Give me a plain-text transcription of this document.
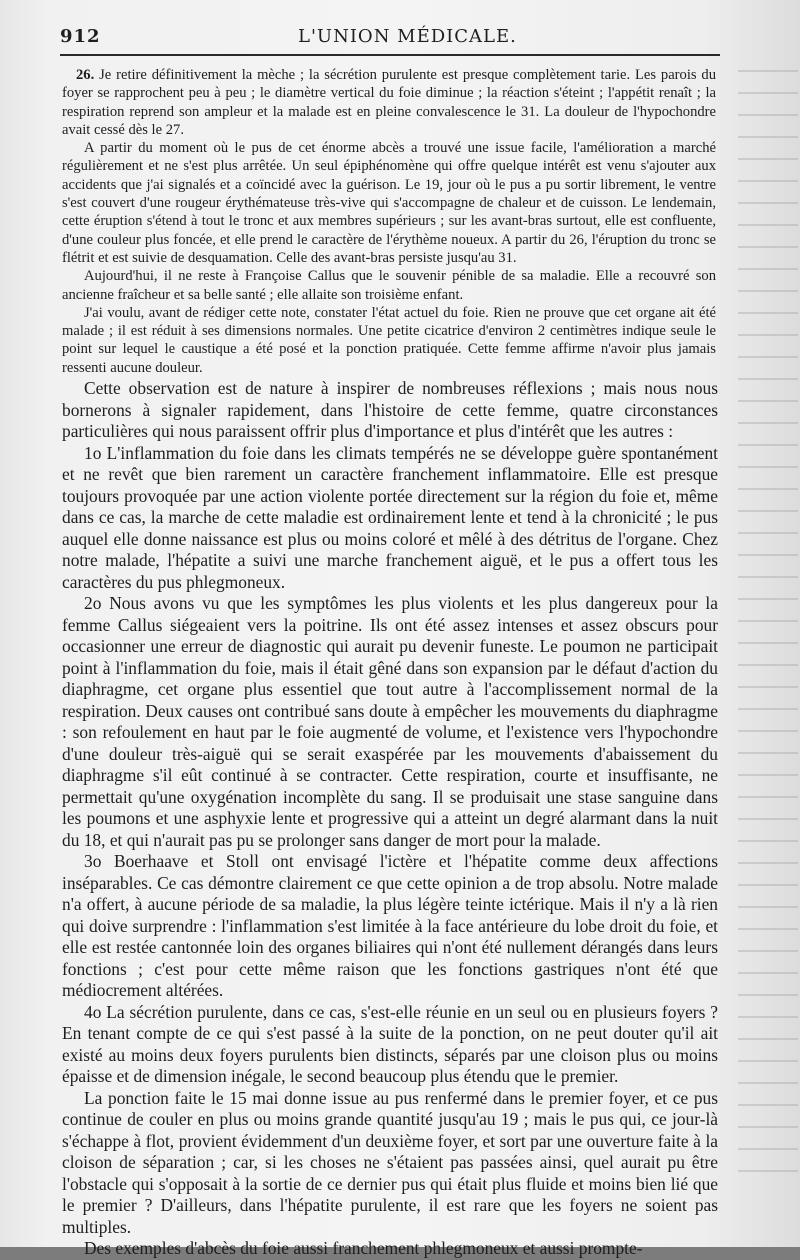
912	L'UNION MÉDICALE.

26. Je retire définitivement la mèche ; la sécrétion purulente est presque complètement tarie. Les parois du foyer se rapprochent peu à peu ; le diamètre vertical du foie diminue ; la réaction s'éteint ; l'appétit renaît ; la respiration reprend son ampleur et la malade est en pleine convalescence le 31. La douleur de l'hypochondre avait cessé dès le 27.

A partir du moment où le pus de cet énorme abcès a trouvé une issue facile, l'amélioration a marché régulièrement et ne s'est plus arrêtée. Un seul épiphénomène qui offre quelque intérêt est venu s'ajouter aux accidents que j'ai signalés et a coïncidé avec la guérison. Le 19, jour où le pus a pu sortir librement, le ventre s'est couvert d'une rougeur érythémateuse très-vive qui s'accompagne de chaleur et de cuisson. Le lendemain, cette éruption s'étend à tout le tronc et aux membres supérieurs ; sur les avant-bras surtout, elle est confluente, d'une couleur plus foncée, et elle prend le caractère de l'érythème noueux. A partir du 26, l'éruption du tronc se flétrit et est suivie de desquamation. Celle des avant-bras persiste jusqu'au 31.

Aujourd'hui, il ne reste à Françoise Callus que le souvenir pénible de sa maladie. Elle a recouvré son ancienne fraîcheur et sa belle santé ; elle allaite son troisième enfant.

J'ai voulu, avant de rédiger cette note, constater l'état actuel du foie. Rien ne prouve que cet organe ait été malade ; il est réduit à ses dimensions normales. Une petite cicatrice d'environ 2 centimètres indique seule le point sur lequel le caustique a été posé et la ponction pratiquée. Cette femme affirme n'avoir plus jamais ressenti aucune douleur.

Cette observation est de nature à inspirer de nombreuses réflexions ; mais nous nous bornerons à signaler rapidement, dans l'histoire de cette femme, quatre circonstances particulières qui nous paraissent offrir plus d'importance et plus d'intérêt que les autres :

1o L'inflammation du foie dans les climats tempérés ne se développe guère spontanément et ne revêt que bien rarement un caractère franchement inflammatoire. Elle est presque toujours provoquée par une action violente portée directement sur la région du foie et, même dans ce cas, la marche de cette maladie est ordinairement lente et tend à la chronicité ; le pus auquel elle donne naissance est plus ou moins coloré et mêlé à des détritus de l'organe. Chez notre malade, l'hépatite a suivi une marche franchement aiguë, et le pus a offert tous les caractères du pus phlegmoneux.

2o Nous avons vu que les symptômes les plus violents et les plus dangereux pour la femme Callus siégeaient vers la poitrine. Ils ont été assez intenses et assez obscurs pour occasionner une erreur de diagnostic qui aurait pu devenir funeste. Le poumon ne participait point à l'inflammation du foie, mais il était gêné dans son expansion par le défaut d'action du diaphragme, cet organe plus essentiel que tout autre à l'accomplissement normal de la respiration. Deux causes ont contribué sans doute à empêcher les mouvements du diaphragme : son refoulement en haut par le foie augmenté de volume, et l'existence vers l'hypochondre d'une douleur très-aiguë qui se serait exaspérée par les mouvements d'abaissement du diaphragme s'il eût continué à se contracter. Cette respiration, courte et insuffisante, ne permettait qu'une oxygénation incomplète du sang. Il se produisait une stase sanguine dans les poumons et une asphyxie lente et progressive qui a atteint un degré alarmant dans la nuit du 18, et qui n'aurait pas pu se prolonger sans danger de mort pour la malade.

3o Boerhaave et Stoll ont envisagé l'ictère et l'hépatite comme deux affections inséparables. Ce cas démontre clairement ce que cette opinion a de trop absolu. Notre malade n'a offert, à aucune période de sa maladie, la plus légère teinte ictérique. Mais il n'y a là rien qui doive surprendre : l'inflammation s'est limitée à la face antérieure du lobe droit du foie, et elle est restée cantonnée loin des organes biliaires qui n'ont été nullement dérangés dans leurs fonctions ; c'est pour cette même raison que les fonctions gastriques n'ont été que médiocrement altérées.

4o La sécrétion purulente, dans ce cas, s'est-elle réunie en un seul ou en plusieurs foyers ? En tenant compte de ce qui s'est passé à la suite de la ponction, on ne peut douter qu'il ait existé au moins deux foyers purulents bien distincts, séparés par une cloison plus ou moins épaisse et de dimension inégale, le second beaucoup plus étendu que le premier.

La ponction faite le 15 mai donne issue au pus renfermé dans le premier foyer, et ce pus continue de couler en plus ou moins grande quantité jusqu'au 19 ; mais le pus qui, ce jour-là s'échappe à flot, provient évidemment d'un deuxième foyer, et sort par une ouverture faite à la cloison de séparation ; car, si les choses ne s'étaient pas passées ainsi, quel aurait pu être l'obstacle qui s'opposait à la sortie de ce dernier pus qui était plus fluide et moins bien lié que le premier ? D'ailleurs, dans l'hépatite purulente, il est rare que les foyers ne soient pas multiples.

Des exemples d'abcès du foie aussi franchement phlegmoneux et aussi prompte-
